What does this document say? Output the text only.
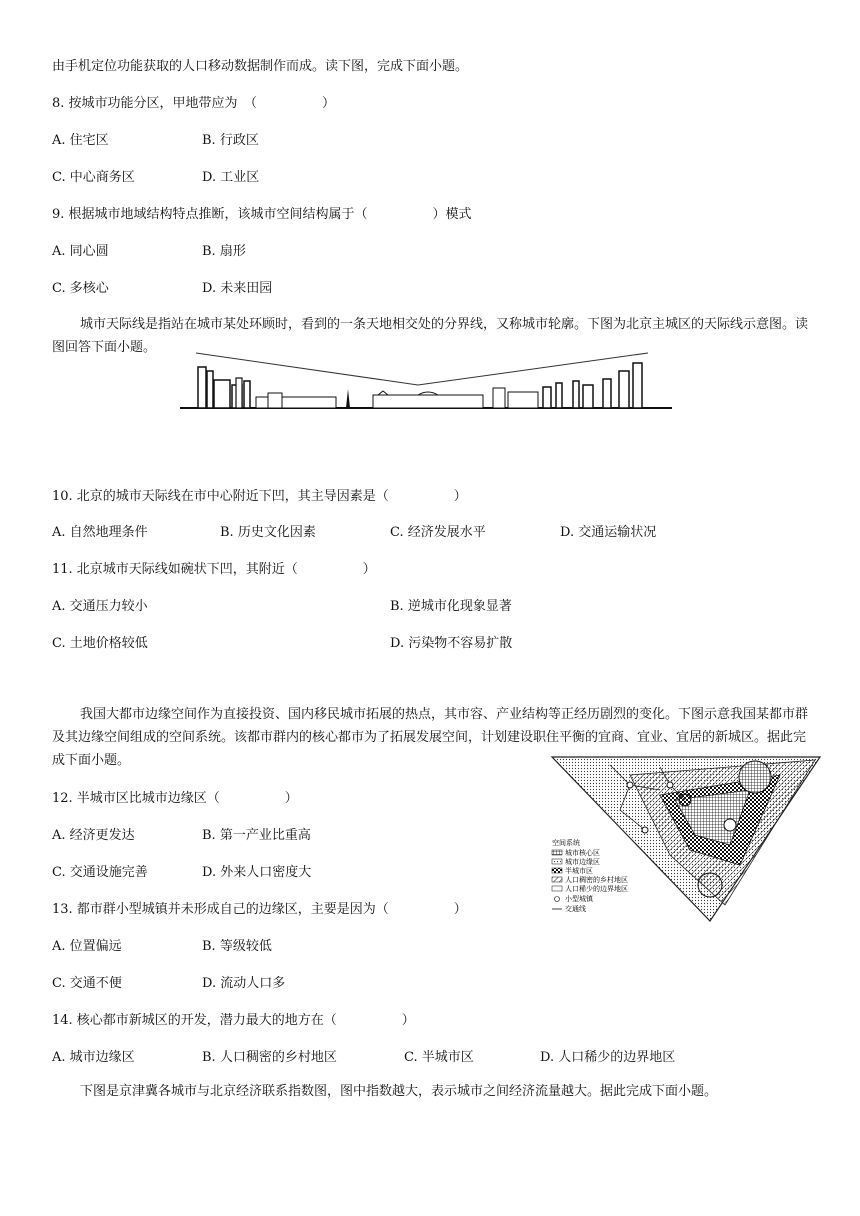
由手机定位功能获取的人口移动数据制作而成。读下图，完成下面小题。
8. 按城市功能分区，甲地带应为　（　　　　　）
A. 住宅区	B. 行政区
C. 中心商务区	D. 工业区
9. 根据城市地域结构特点推断，该城市空间结构属于（　　　　　）模式
A. 同心圆	B. 扇形
C. 多核心	D. 未来田园
城市天际线是指站在城市某处环顾时，看到的一条天地相交处的分界线，又称城市轮廓。下图为北京主城区的天际线示意图。读图回答下面小题。
10. 北京的城市天际线在市中心附近下凹，其主导因素是（　　　　　）
A. 自然地理条件	B. 历史文化因素	C. 经济发展水平	D. 交通运输状况
11. 北京城市天际线如碗状下凹，其附近（　　　　　）
A. 交通压力较小	B. 逆城市化现象显著
C. 土地价格较低	D. 污染物不容易扩散
我国大都市边缘空间作为直接投资、国内移民城市拓展的热点，其市容、产业结构等正经历剧烈的变化。下图示意我国某都市群及其边缘空间组成的空间系统。该都市群内的核心都市为了拓展发展空间，计划建设职住平衡的宜商、宜业、宜居的新城区。据此完成下面小题。
空间系统
城市核心区
城市边缘区
半城市区
人口稠密的乡村地区
人口稀少的边界地区
小型城镇
交通线
12. 半城市区比城市边缘区（　　　　　）
A. 经济更发达	B. 第一产业比重高
C. 交通设施完善	D. 外来人口密度大
13. 都市群小型城镇并未形成自己的边缘区，主要是因为（　　　　　）
A. 位置偏远	B. 等级较低
C. 交通不便	D. 流动人口多
14. 核心都市新城区的开发，潜力最大的地方在（　　　　　）
A. 城市边缘区	B. 人口稠密的乡村地区	C. 半城市区	D. 人口稀少的边界地区
下图是京津冀各城市与北京经济联系指数图，图中指数越大，表示城市之间经济流量越大。据此完成下面小题。
